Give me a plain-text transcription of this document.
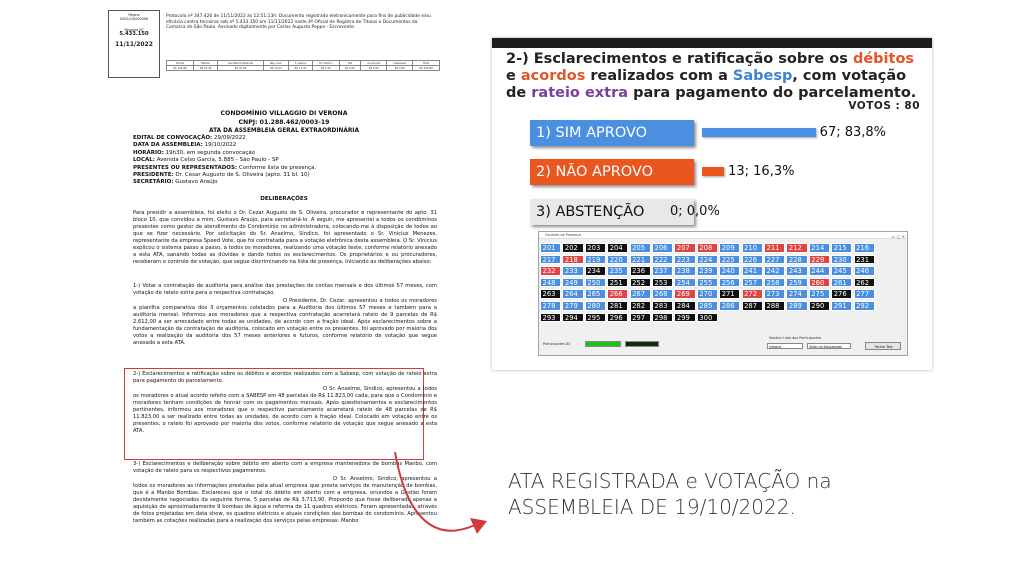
Página
0002/24/000006
Registro Nº
5.433.150
11/11/2022
Protocolo nº 347.426 de 11/11/2022 às 12:51:13h: Documento registrado eletronicamente para fins de publicidade e/ou eficácia contra terceiros sob nº 5.433.150 em 11/11/2022 neste 4º Oficial de Registro de Títulos e Documentos da Comarca de São Paulo. Assinado digitalmente por Carlos Augusto Peppe - Escrevente.
Oficial	Estado	Secretaria Fazenda	Reg. Civil	T. Justiça	M. Público	ISS	Condução	Despesas	Total
R$ 194,88	R$ 55,39	R$ 37,80	R$ 10,24	R$ 13,33	R$ 9,33	R$ 4,02	R$ 0,00	R$ 0,00	R$ 324,99
CONDOMÍNIO VILLAGGIO DI VERONA
CNPJ: 01.288.462/0003-19
ATA DA ASSEMBLEIA GERAL EXTRAORDINÁRIA
EDITAL DE CONVOCAÇÃO: 29/09/2022
DATA DA ASSEMBLEIA: 19/10/2022
HORÁRIO: 19h30, em segunda convocação
LOCAL: Avenida Celso Garcia, 5.885 - São Paulo - SP
PRESENTES OU REPRESENTADOS: Conforme lista de presença.
PRESIDENTE: Dr. Cesar Augusto de S. Oliveira (apto. 31 bl. 10)
SECRETÁRIO: Gustavo Araújo
DELIBERAÇÕES
Para presidir a assembleia, foi eleito o Dr. Cezar Augusto de S. Oliveira, procurador e representante do apto. 31 bloco 10, que convidou a mim, Gustavo Araújo, para secretariá-lo. A seguir, me apresentei a todos os condôminos presentes como gestor de atendimento do Condomínio no administradora, colocando-me à disposição de todos ao que se fizer necessário. Por solicitação do Sr. Anselmo, Síndico, foi apresentado o Sr. Vinicius Menezes, representante da empresa Speed Vote, que foi contratada para a votação eletrônica desta assembleia. O Sr. Vinicius explicou o sistema passo a passo, a todos os moradores, realizando uma votação teste, conforme relatório anexado a esta ATA, sanando todas as dúvidas e dando todos os esclarecimentos. Os proprietários e ou procuradores, receberam o controle de votação, que segue discriminando na lista de presença. Iniciando as deliberações abaixo:
1-) Votar a contratação de auditoria para análise das prestações de contas mensais e dos últimos 57 meses, com votação de rateio extra para a respectiva contratação.
O Presidente, Dr. Cezar, apresentou a todos os moradores a planilha comparativa dos 3 orçamentos coletados para a Auditoria dos últimos 57 meses e também para a auditoria mensal. Informou aos moradores que a respectiva contratação acarretará rateio de 9 parcelas de R$ 2.612,00 a ser arrecadado entre todas as unidades, de acordo com a fração ideal. Após esclarecimentos sobre a fundamentação da contratação de auditoria, colocado em votação entre os presentes, foi aprovado por maioria dos votos a realização da auditoria dos 57 meses anteriores e futuros, conforme relatório de votação que segue anexado a esta ATA.
2-) Esclarecimentos e ratificação sobre os débitos e acordos realizados com a Sabesp, com votação de rateio extra para pagamento do parcelamento.
O Sr. Anselmo, Síndico, apresentou a todos os moradores o atual acordo refeito com a SABESP em 48 parcelas de R$ 11.823,00 cada, para que o Condomínio e moradores tenham condições de honrar com os pagamentos mensais. Após questionamentos e esclarecimentos pertinentes, informou aos moradores que o respectivo parcelamento acarretará rateio de 48 parcelas de R$ 11.823,00 a ser realizado entre todas as unidades, de acordo com a fração ideal. Colocado em votação entre os presentes, o rateio foi aprovado por maioria dos votos, conforme relatório de votação que segue anexado a esta ATA.
3-) Esclarecimentos e deliberação sobre débito em aberto com a empresa mantenedora de bombas Manbo, com votação de rateio para os respectivos pagamentos.
O Sr. Anselmo, Síndico, apresentou a todos os moradores as informações prestadas pela atual empresa que presta serviços de manutenção de bombas, que é a Manbo Bombas. Esclareceu que o total do débito em aberto com a empresa, oriundos a Gestão foram devidamente negociados da seguinte forma, 5 parcelas de R$ 3.713,90. Propondo que fosse deliberado apenas a aquisição de aproximadamente 9 bombas de água e reforma de 11 quadros elétricos. Foram apresentadas, através de fotos projetadas em data show, os quadros elétricos e atuais condições das bombas do condomínio. Apresentou também as cotações realizadas para a realização dos serviços pelas empresas: Manbo
2-) Esclarecimentos e ratificação sobre os débitos e acordos realizados com a Sabesp, com votação de rateio extra para pagamento do parcelamento.
VOTOS : 80
1) SIM APROVO	67; 83,8%
2) NÃO APROVO	13; 16,3%
3) ABSTENÇÃO	0; 0,0%
Controle de Presença	▭ ▢ ✕
201	202	203	204	205	206	207	208	209	210	211	212	214	215	216
217	218	219	220	221	222	223	224	225	226	227	228	229	230	231
232	233	234	235	236	237	238	239	240	241	242	243	244	245	246
248	249	250	251	252	253	254	255	256	257	258	259	260	261	262
263	264	265	266	267	268	269	270	271	272	273	274	275	276	277
278	279	280	281	282	283	284	285	286	287	288	289	290	291	292
293	294	295	296	297	298	299	300
Participantes 80
Mostrar Lista dos Participantes
Integral	Todas as bloqueadas	Fechar Tela
ATA REGISTRADA e VOTAÇÃO na ASSEMBLEIA DE 19/10/2022.
